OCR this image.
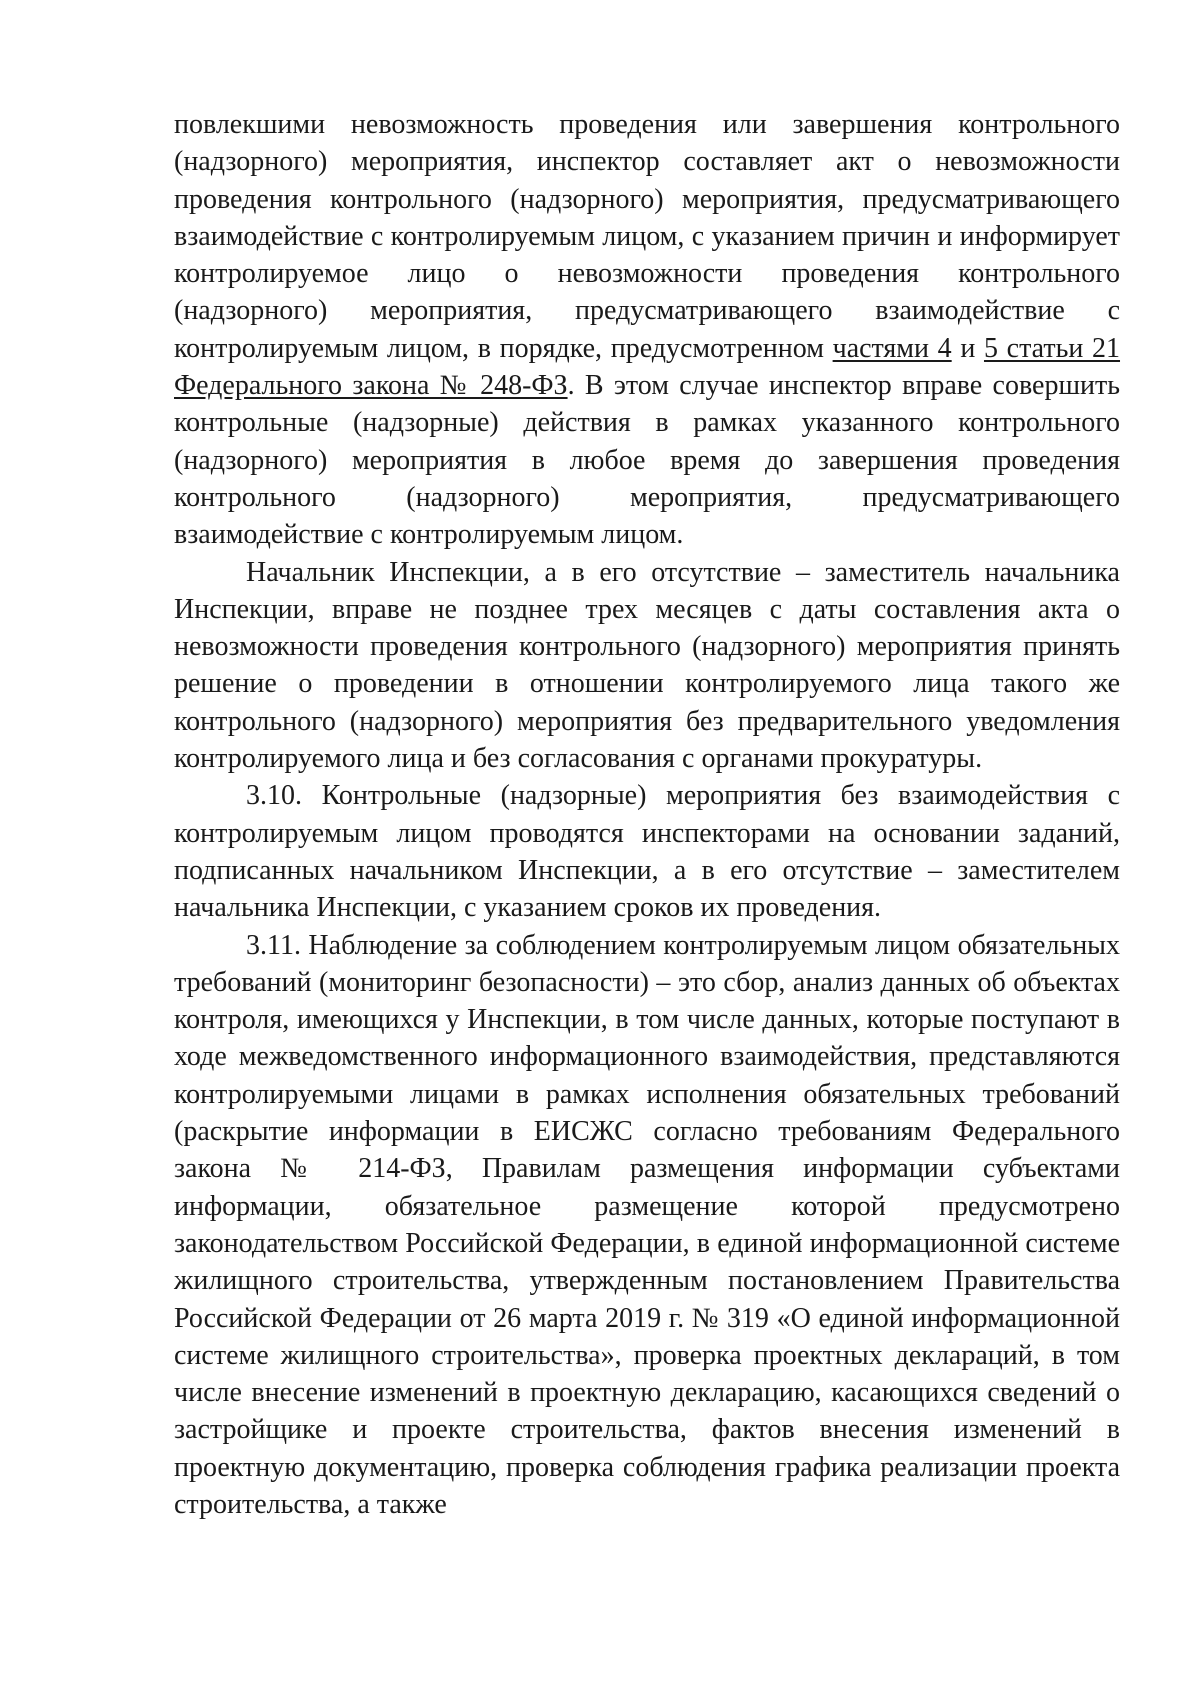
повлекшими невозможность проведения или завершения контрольного (надзорного) мероприятия, инспектор составляет акт о невозможности проведения контрольного (надзорного) мероприятия, предусматривающего взаимодействие с контролируемым лицом, с указанием причин и информирует контролируемое лицо о невозможности проведения контрольного (надзорного) мероприятия, предусматривающего взаимодействие с контролируемым лицом, в порядке, предусмотренном частями 4 и 5 статьи 21 Федерального закона № 248-ФЗ. В этом случае инспектор вправе совершить контрольные (надзорные) действия в рамках указанного контрольного (надзорного) мероприятия в любое время до завершения проведения контрольного (надзорного) мероприятия, предусматривающего взаимодействие с контролируемым лицом.

Начальник Инспекции, а в его отсутствие – заместитель начальника Инспекции, вправе не позднее трех месяцев с даты составления акта о невозможности проведения контрольного (надзорного) мероприятия принять решение о проведении в отношении контролируемого лица такого же контрольного (надзорного) мероприятия без предварительного уведомления контролируемого лица и без согласования с органами прокуратуры.

3.10. Контрольные (надзорные) мероприятия без взаимодействия с контролируемым лицом проводятся инспекторами на основании заданий, подписанных начальником Инспекции, а в его отсутствие – заместителем начальника Инспекции, с указанием сроков их проведения.

3.11. Наблюдение за соблюдением контролируемым лицом обязательных требований (мониторинг безопасности) – это сбор, анализ данных об объектах контроля, имеющихся у Инспекции, в том числе данных, которые поступают в ходе межведомственного информационного взаимодействия, представляются контролируемыми лицами в рамках исполнения обязательных требований (раскрытие информации в ЕИСЖС согласно требованиям Федерального закона № 214-ФЗ, Правилам размещения информации субъектами информации, обязательное размещение которой предусмотрено законодательством Российской Федерации, в единой информационной системе жилищного строительства, утвержденным постановлением Правительства Российской Федерации от 26 марта 2019 г. № 319 «О единой информационной системе жилищного строительства», проверка проектных деклараций, в том числе внесение изменений в проектную декларацию, касающихся сведений о застройщике и проекте строительства, фактов внесения изменений в проектную документацию, проверка соблюдения графика реализации проекта строительства, а также
